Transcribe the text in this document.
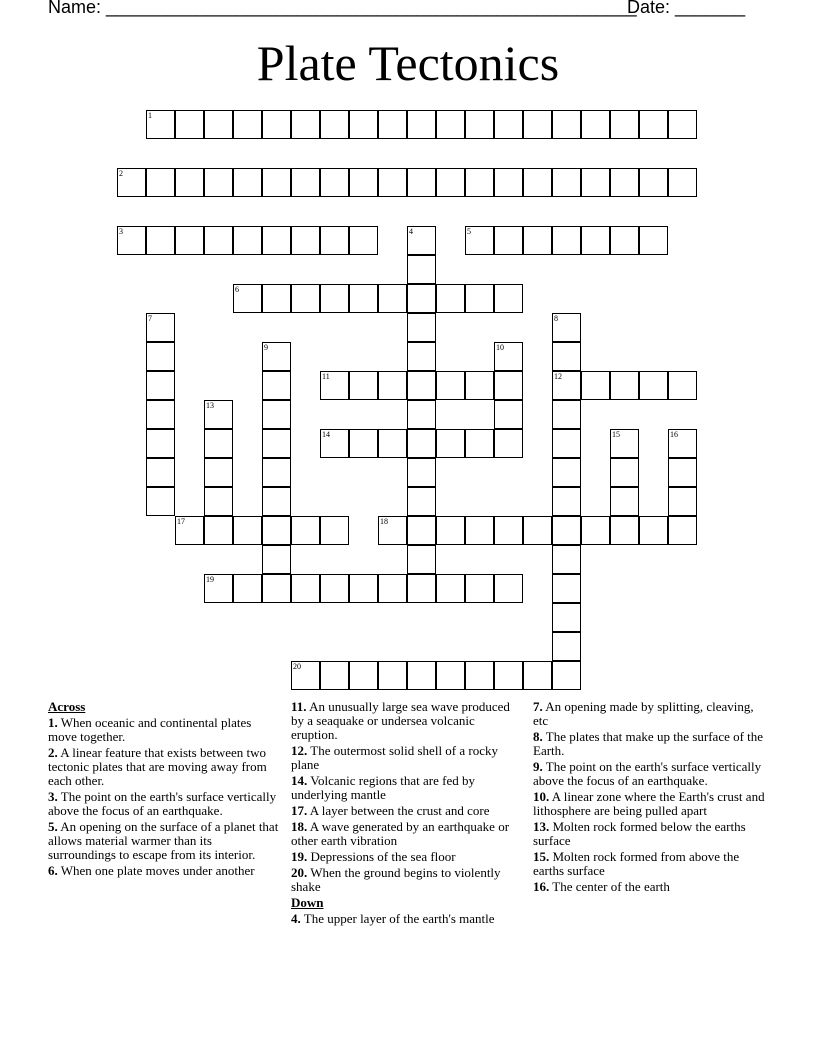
Name: _____________________________________________________
Date: _______
Plate Tectonics
1
2
3	5
6
11	12
14
17	18
19
20
4
7	8
9	10
13
15	16
Across
1. When oceanic and continental plates move together.
2. A linear feature that exists between two tectonic plates that are moving away from each other.
3. The point on the earth's surface vertically above the focus of an earthquake.
5. An opening on the surface of a planet that allows material warmer than its surroundings to escape from its interior.
6. When one plate moves under another
11. An unusually large sea wave produced by a seaquake or undersea volcanic eruption.
12. The outermost solid shell of a rocky plane
14. Volcanic regions that are fed by underlying mantle
17. A layer between the crust and core
18. A wave generated by an earthquake or other earth vibration
19. Depressions of the sea floor
20. When the ground begins to violently shake
Down
4. The upper layer of the earth's mantle
7. An opening made by splitting, cleaving, etc
8. The plates that make up the surface of the Earth.
9. The point on the earth's surface vertically above the focus of an earthquake.
10. A linear zone where the Earth's crust and lithosphere are being pulled apart
13. Molten rock formed below the earths surface
15. Molten rock formed from above the earths surface
16. The center of the earth
